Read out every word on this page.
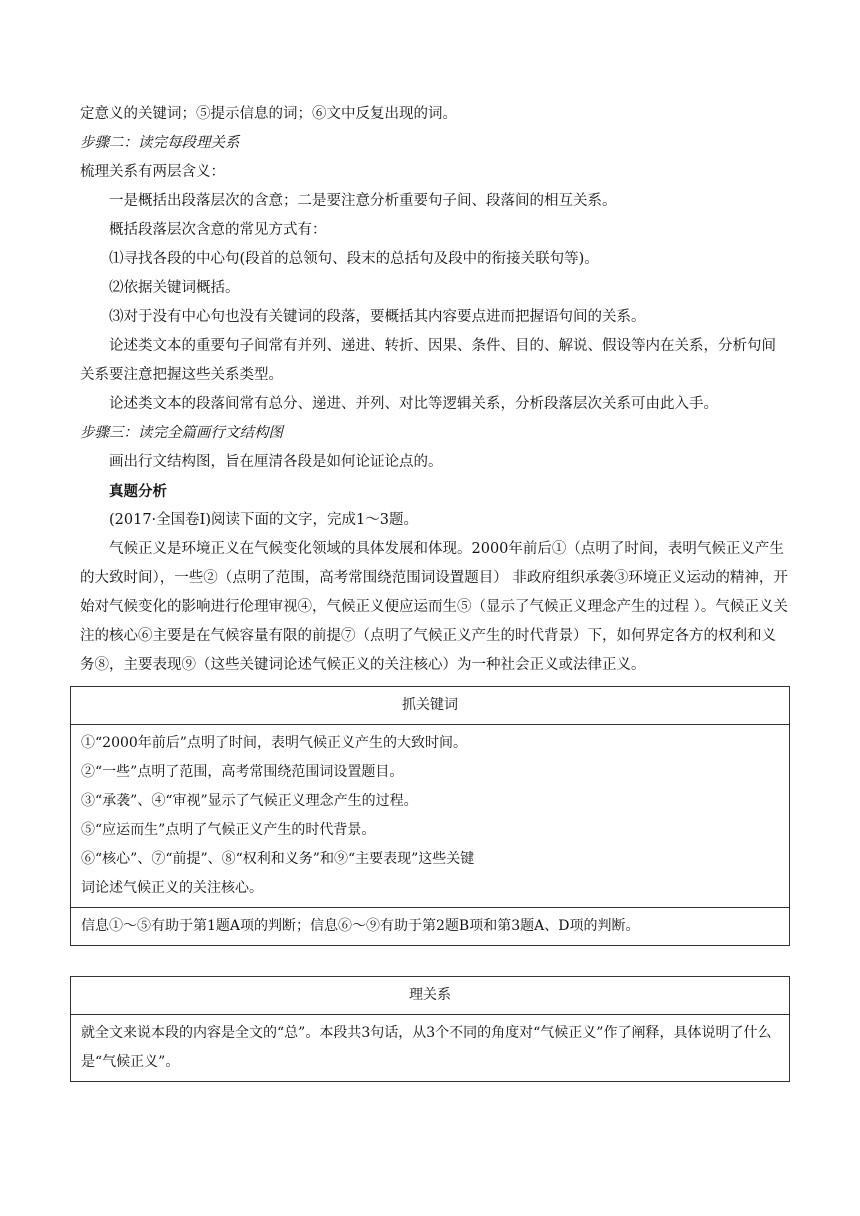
定意义的关键词；⑤提示信息的词；⑥文中反复出现的词。

步骤二：读完每段理关系

梳理关系有两层含义：

一是概括出段落层次的含意；二是要注意分析重要句子间、段落间的相互关系。

概括段落层次含意的常见方式有：

⑴寻找各段的中心句(段首的总领句、段末的总括句及段中的衔接关联句等)。

⑵依据关键词概括。

⑶对于没有中心句也没有关键词的段落，要概括其内容要点进而把握语句间的关系。

论述类文本的重要句子间常有并列、递进、转折、因果、条件、目的、解说、假设等内在关系，分析句间关系要注意把握这些关系类型。

论述类文本的段落间常有总分、递进、并列、对比等逻辑关系，分析段落层次关系可由此入手。

步骤三：读完全篇画行文结构图

画出行文结构图，旨在厘清各段是如何论证论点的。

真题分析

(2017·全国卷Ⅰ)阅读下面的文字，完成1～3题。

气候正义是环境正义在气候变化领域的具体发展和体现。2000年前后①（点明了时间，表明气候正义产生的大致时间），一些②（点明了范围，高考常围绕范围词设置题目） 非政府组织承袭③环境正义运动的精神，开始对气候变化的影响进行伦理审视④，气候正义便应运而生⑤（显示了气候正义理念产生的过程 ）。气候正义关注的核心⑥主要是在气候容量有限的前提⑦（点明了气候正义产生的时代背景）下，如何界定各方的权利和义务⑧，主要表现⑨（这些关键词论述气候正义的关注核心）为一种社会正义或法律正义。

抓关键词

①“2000年前后”点明了时间，表明气候正义产生的大致时间。
②“一些”点明了范围，高考常围绕范围词设置题目。
③“承袭”、④“审视”显示了气候正义理念产生的过程。
⑤“应运而生”点明了气候正义产生的时代背景。
⑥“核心”、⑦“前提”、⑧“权利和义务”和⑨“主要表现”这些关键词论述气候正义的关注核心。

信息①～⑤有助于第1题A项的判断；信息⑥～⑨有助于第2题B项和第3题A、D项的判断。
理关系
就全文来说本段的内容是全文的“总”。本段共3句话，从3个不同的角度对“气候正义”作了阐释，具体说明了什么是“气候正义”。
